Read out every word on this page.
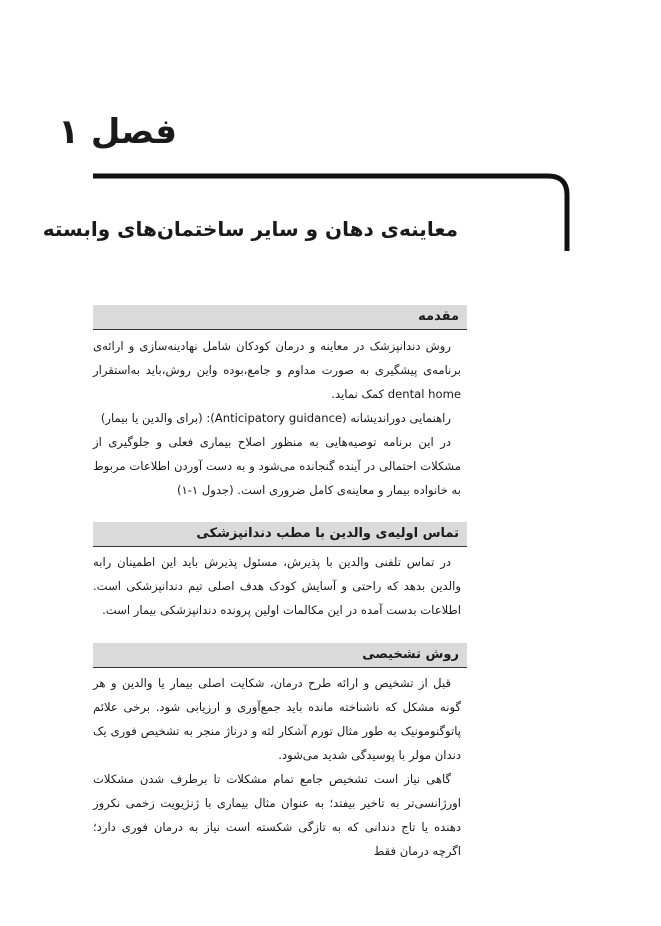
فصل ۱
معاینه‌ی دهان و سایر ساختمان‌های وابسته
مقدمه

روش دندانپزشک در معاینه و درمان کودکان شامل نهادینه‌سازی و ارائه‌ی برنامه‌ی پیشگیری به صورت مداوم و جامع،بوده واین روش،باید به‌استقرار dental home کمک نماید.

راهنمایی دوراندیشانه (Anticipatory guidance): (برای والدین یا بیمار)

در این برنامه توصیه‌هایی به منظور اصلاح بیماری فعلی و جلوگیری از مشکلات احتمالی در آینده گنجانده می‌شود و به دست آوردن اطلاعات مربوط به خانواده بیمار و معاینه‌ی کامل ضروری است. (جدول ۱-۱)

تماس اولیه‌ی والدین با مطب دندانپزشکی

در تماس تلفنی والدین با پذیرش، مسئول پذیرش باید این اطمینان رابه والدین بدهد که راحتی و آسایش کودک هدف اصلی تیم دندانپزشکی است. اطلاعات بدست آمده در این مکالمات اولین پرونده دندانپزشکی بیمار است.

روش تشخیصی

قبل از تشخیص و ارائه طرح درمان، شکایت اصلی بیمار یا والدین و هر گونه مشکل که ناشناخته مانده باید جمع‌آوری و ارزیابی شود. برخی علائم پاتوگنومونیک به طور مثال تورم آشکار لثه و درناژ منجر به تشخیص فوری یک دندان مولر با پوسیدگی شدید می‌شود.

گاهی نیاز است تشخیص جامع تمام مشکلات تا برطرف شدن مشکلات اورژانسی‌تر به تاخیر بیفتد؛ به عنوان مثال بیماری با ژنژیویت زخمی نکروز دهنده یا تاج دندانی که به تازگی شکسته است نیاز به درمان فوری دارد؛ اگرچه درمان فقط
